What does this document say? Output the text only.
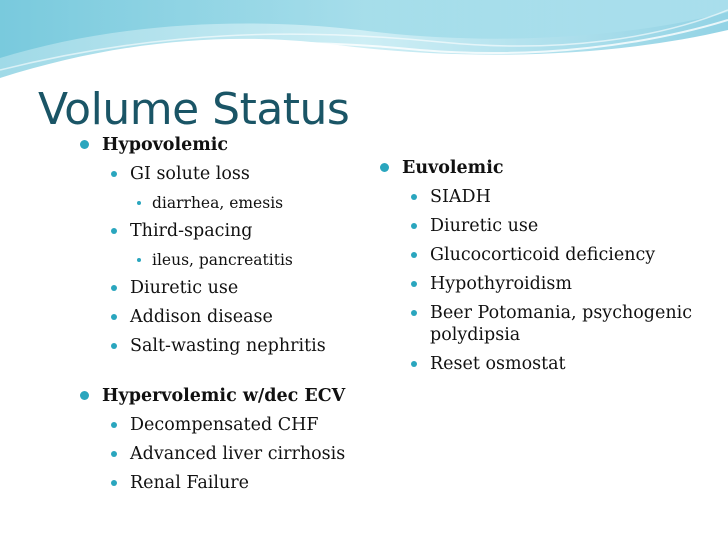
Volume Status
Hypovolemic
GI solute loss
diarrhea, emesis
Third-spacing
ileus, pancreatitis
Diuretic use
Addison disease
Salt-wasting nephritis
Hypervolemic w/dec ECV
Decompensated CHF
Advanced liver cirrhosis
Renal Failure
Euvolemic
SIADH
Diuretic use
Glucocorticoid deficiency
Hypothyroidism
Beer Potomania, psychogenic polydipsia
Reset osmostat
